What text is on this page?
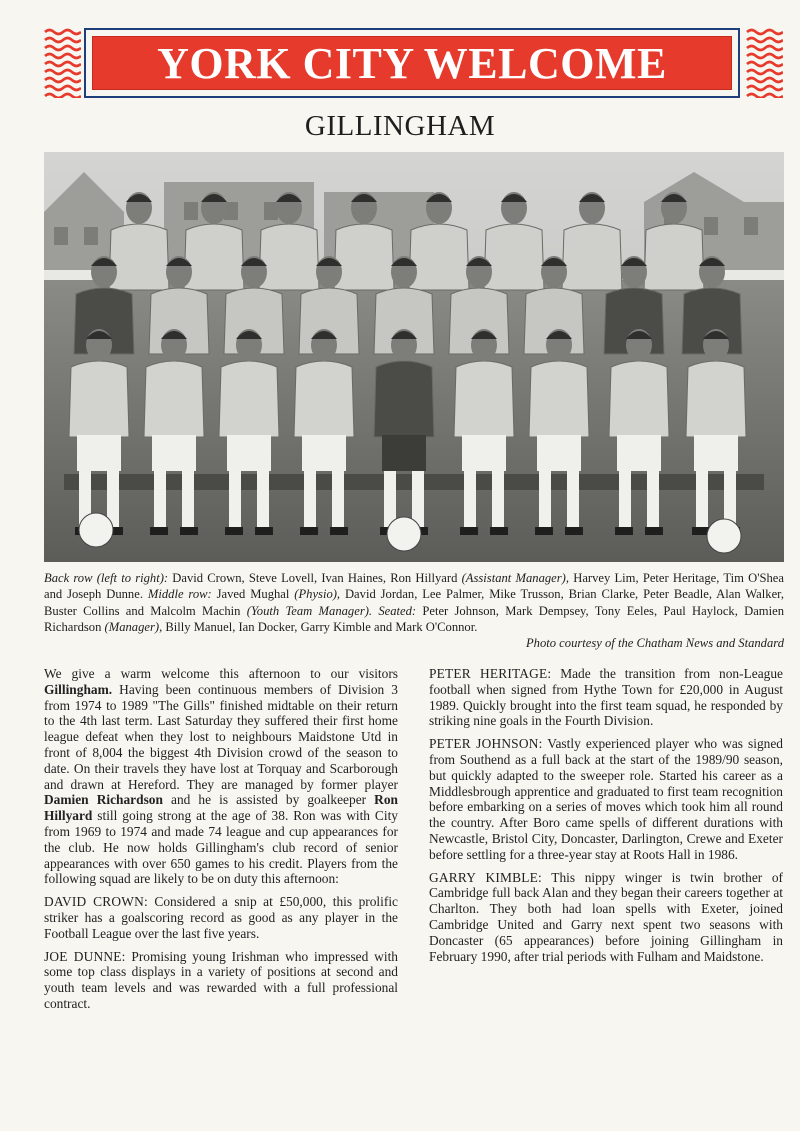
YORK CITY WELCOME
GILLINGHAM
Back row (left to right): David Crown, Steve Lovell, Ivan Haines, Ron Hillyard (Assistant Manager), Harvey Lim, Peter Heritage, Tim O'Shea and Joseph Dunne. Middle row: Javed Mughal (Physio), David Jordan, Lee Palmer, Mike Trusson, Brian Clarke, Peter Beadle, Alan Walker, Buster Collins and Malcolm Machin (Youth Team Manager). Seated: Peter Johnson, Mark Dempsey, Tony Eeles, Paul Haylock, Damien Richardson (Manager), Billy Manuel, Ian Docker, Garry Kimble and Mark O'Connor.
Photo courtesy of the Chatham News and Standard

We give a warm welcome this afternoon to our visitors Gillingham. Having been continuous members of Division 3 from 1974 to 1989 "The Gills" finished midtable on their return to the 4th last term. Last Saturday they suffered their first home league defeat when they lost to neighbours Maidstone Utd in front of 8,004 the biggest 4th Division crowd of the season to date. On their travels they have lost at Torquay and Scarborough and drawn at Hereford. They are managed by former player Damien Richardson and he is assisted by goalkeeper Ron Hillyard still going strong at the age of 38. Ron was with City from 1969 to 1974 and made 74 league and cup appearances for the club. He now holds Gillingham's club record of senior appearances with over 650 games to his credit. Players from the following squad are likely to be on duty this afternoon:

DAVID CROWN: Considered a snip at £50,000, this prolific striker has a goalscoring record as good as any player in the Football League over the last five years.

JOE DUNNE: Promising young Irishman who impressed with some top class displays in a variety of positions at second and youth team levels and was rewarded with a full professional contract.

PETER HERITAGE: Made the transition from non-League football when signed from Hythe Town for £20,000 in August 1989. Quickly brought into the first team squad, he responded by striking nine goals in the Fourth Division.

PETER JOHNSON: Vastly experienced player who was signed from Southend as a full back at the start of the 1989/90 season, but quickly adapted to the sweeper role. Started his career as a Middlesbrough apprentice and graduated to first team recognition before embarking on a series of moves which took him all round the country. After Boro came spells of different durations with Newcastle, Bristol City, Doncaster, Darlington, Crewe and Exeter before settling for a three-year stay at Roots Hall in 1986.

GARRY KIMBLE: This nippy winger is twin brother of Cambridge full back Alan and they began their careers together at Charlton. They both had loan spells with Exeter, joined Cambridge United and Garry next spent two seasons with Doncaster (65 appearances) before joining Gillingham in February 1990, after trial periods with Fulham and Maidstone.
